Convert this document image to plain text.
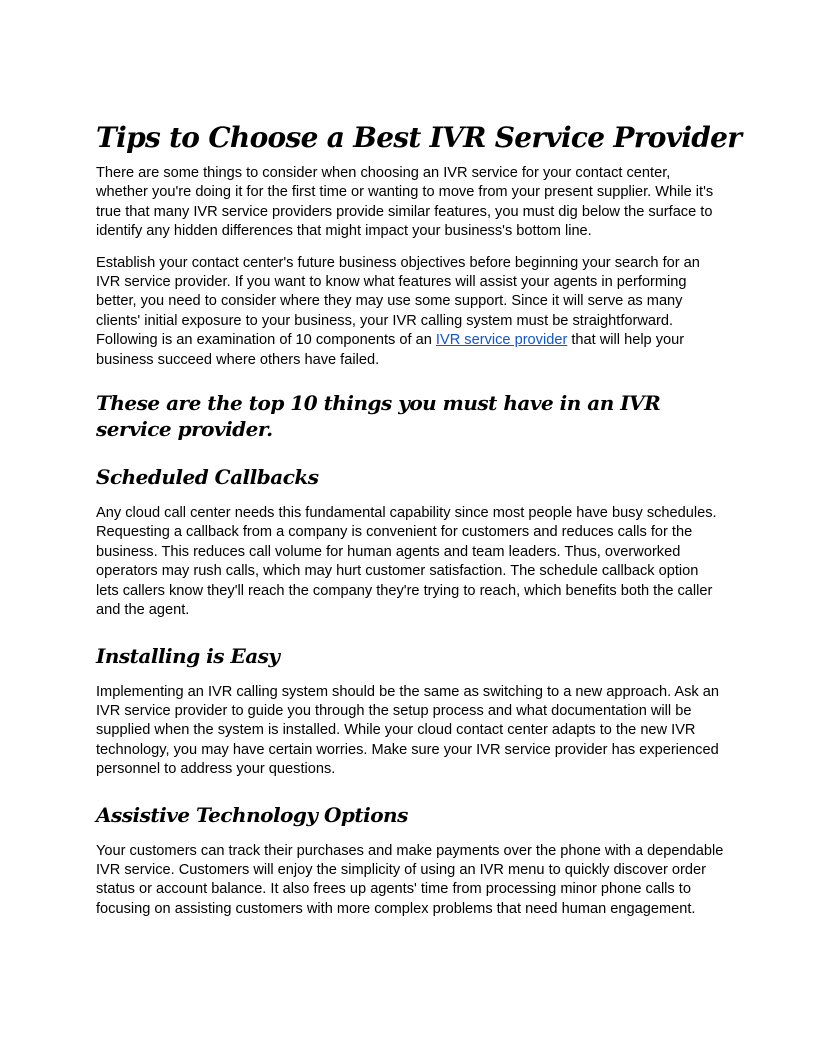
Tips to Choose a Best IVR Service Provider

There are some things to consider when choosing an IVR service for your contact center, whether you're doing it for the first time or wanting to move from your present supplier. While it's true that many IVR service providers provide similar features, you must dig below the surface to identify any hidden differences that might impact your business's bottom line.

Establish your contact center's future business objectives before beginning your search for an IVR service provider. If you want to know what features will assist your agents in performing better, you need to consider where they may use some support. Since it will serve as many clients' initial exposure to your business, your IVR calling system must be straightforward. Following is an examination of 10 components of an IVR service provider that will help your business succeed where others have failed.

These are the top 10 things you must have in an IVR service provider.
Scheduled Callbacks

Any cloud call center needs this fundamental capability since most people have busy schedules. Requesting a callback from a company is convenient for customers and reduces calls for the business. This reduces call volume for human agents and team leaders. Thus, overworked operators may rush calls, which may hurt customer satisfaction. The schedule callback option lets callers know they'll reach the company they're trying to reach, which benefits both the caller and the agent.

Installing is Easy

Implementing an IVR calling system should be the same as switching to a new approach. Ask an IVR service provider to guide you through the setup process and what documentation will be supplied when the system is installed. While your cloud contact center adapts to the new IVR technology, you may have certain worries. Make sure your IVR service provider has experienced personnel to address your questions.

Assistive Technology Options

Your customers can track their purchases and make payments over the phone with a dependable IVR service. Customers will enjoy the simplicity of using an IVR menu to quickly discover order status or account balance. It also frees up agents' time from processing minor phone calls to focusing on assisting customers with more complex problems that need human engagement.
